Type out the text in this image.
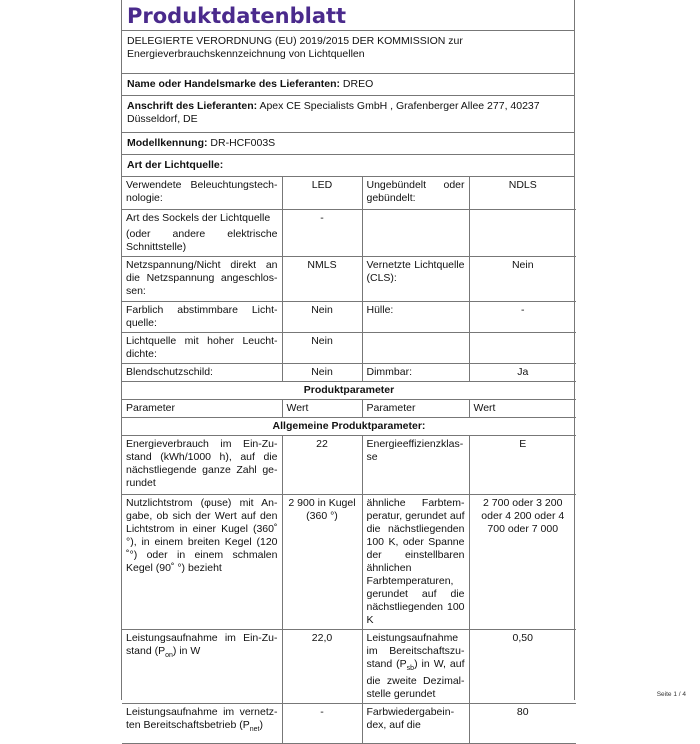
Produktdatenblatt
DELEGIERTE VERORDNUNG (EU) 2019/2015 DER KOMMISSION zur Energieverbrauchskennzeichnung von Lichtquellen
Name oder Handelsmarke des Lieferanten: DREO
Anschrift des Lieferanten: Apex CE Specialists GmbH , Grafenberger Allee 277, 40237 Düsseldorf, DE
Modellkennung: DR-HCF003S
Art der Lichtquelle:
Verwendete Beleuchtungstechnologie:	LED	Ungebündelt oder gebündelt:	NDLS

Art des Sockels der Lichtquelle
(oder andere elektrische Schnittstelle)	-		
Netzspannung/Nicht direkt an die Netzspannung angeschlossen:	NMLS	Vernetzte Lichtquelle (CLS):	Nein
Farblich abstimmbare Lichtquelle:	Nein	Hülle:	-
Lichtquelle mit hoher Leuchtdichte:	Nein		
Blendschutzschild:	Nein	Dimmbar:	Ja
Produktparameter			
Parameter	Wert	Parameter	Wert
Allgemeine Produktparameter:			
Energieverbrauch im Ein-Zustand (kWh/1000 h), auf die nächstliegende ganze Zahl gerundet	22	Energieeffizienzklasse	E
Nutzlichtstrom (φuse) mit Angabe, ob sich der Wert auf den Lichtstrom in einer Kugel (360˚ °), in einem breiten Kegel (120 ˚°) oder in einem schmalen Kegel (90˚ °) bezieht	2 900 in Kugel (360 °)	ähnliche Farbtemperatur, gerundet auf die nächstliegenden 100 K, oder Spanne der einstellbaren ähnlichen Farbtemperaturen, gerundet auf die nächstliegenden 100 K	2 700 oder 3 200 oder 4 200 oder 4 700 oder 7 000
Leistungsaufnahme im Ein-Zustand $(P_{on})$ in W	22,0	Leistungsaufnahme im Bereitschaftszustand $(P_{sb})$ in W, auf die zweite Dezimalstelle gerundet	0,50
Leistungsaufnahme im vernetzten Bereitschaftsbetrieb $(P_{net})$	-	Farbwiedergabeindex, auf die	80
Seite 1 / 4
